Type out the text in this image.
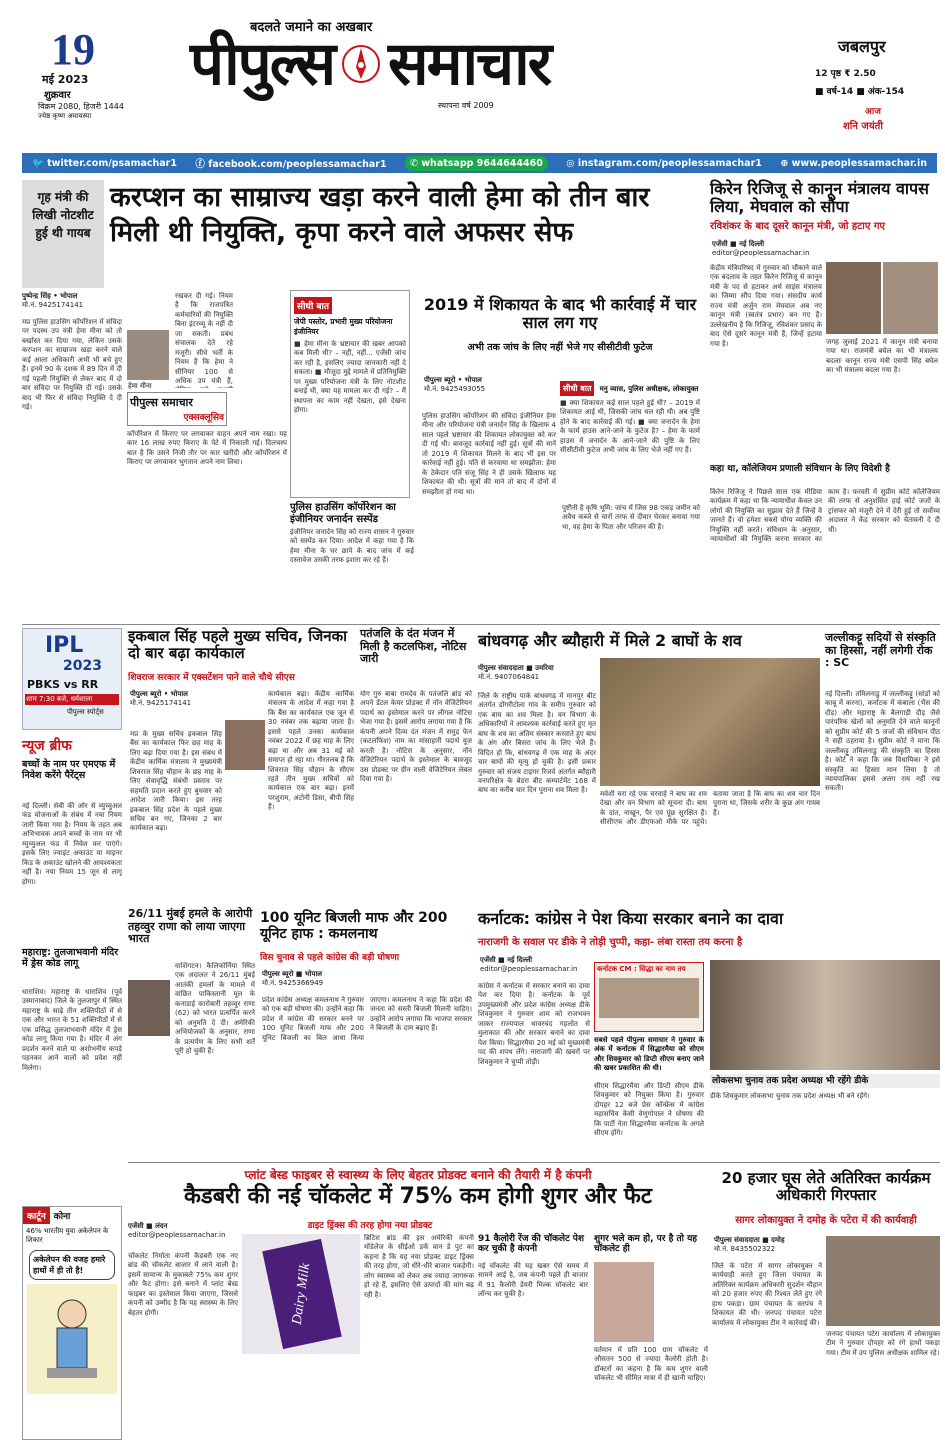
19
मई 2023
शुक्रवार
विक्रम 2080, हिजरी 1444
ज्येष्ठ कृष्ण अमावस्या
बदलते जमाने का अखबार
पीपुल्स समाचार
स्थापना वर्ष 2009
जबलपुर
12 पृष्ठ ₹ 2.50
■ वर्ष-14 ■ अंक-154
आज
शनि जयंती
🐦 twitter.com/psamachar1 ⓕ facebook.com/peoplessamachar1	✆ whatsapp 9644644460	◎ instagram.com/peoplessamachar1 ⊕ www.peoplessamachar.in
गृह मंत्री की लिखी नोटशीट हुई थी गायब
करप्शन का साम्राज्य खड़ा करने वाली हेमा को तीन बार मिली थी नियुक्ति, कृपा करने वाले अफसर सेफ
पुष्पेन्द्र सिंह • भोपाल
मो.नं. 9425174141
मप्र पुलिस हाउसिंग कॉर्पोरेशन में संविदा पर पदस्थ उप यंत्री हेमा मीना को तो बर्खास्त कर दिया गया, लेकिन उसके करप्शन का साम्राज्य खड़ा करने वाले कई आला अधिकारी अभी भी बचे हुए हैं। इनमें 90 के दशक में 89 दिन में दी गई पहली नियुक्ति से लेकर बाद में दो बार संविदा पर नियुक्ति दी गई। उसके बाद भी फिर से संविदा नियुक्ति दे दी गई।
हेमा मीना
पीपुल्स समाचार
एक्सक्लूसिव
रखकर दी गई। नियम है कि राजपत्रित कर्मचारियों की नियुक्ति बिना इंटरव्यू के नहीं दी जा सकती। प्रबंध संचालक देते रहे मंजूरी। सीधे भर्ती के नियम हैं कि हेमा ने सीनियर 100 से अधिक उप यंत्री हैं,
कॉर्पोरेशन में किराए पर लगवाकर वाहन अपने नाम रखा। यह कार 16 लाख रुपए किराए के पेटे में निकाली गई। दिलचस्प बात है कि उसने निजी तौर पर कार खरीदी और कॉर्पोरेशन में किराए पर लगवाकर भुगतान अपने नाम लिया।
सीधी बात
जेपी पस्तोर, प्रभारी मुख्य परियोजना इंजीनियर
■ हेमा मीना के भ्रष्टाचार की खबर आपको कब मिली थी? – नहीं, नहीं... एजेंसी जांच कर रही है, इसलिए ज्यादा जानकारी नहीं दे सकता। ■ मौजूदा मुद्दे मामले में प्रतिनियुक्ति पर मुख्य परियोजना यंत्री के लिए नोटशीट बनाई थी, क्या यह मामला कर दी गई? – मैं स्थापना का काम नहीं देखता, इसे देखना होगा।
पुलिस हाउसिंग कॉर्पोरेशन का इंजीनियर जनार्दन सस्पेंड
इंजीनियर जनार्दन सिंह को राज्य शासन ने गुरुवार को सस्पेंड कर दिया। आदेश में कहा गया है कि हेमा मीना के घर छापे के बाद जांच में कई दस्तावेज उसकी तरफ इशारा कर रहे हैं।
2019 में शिकायत के बाद भी कार्रवाई में चार साल लग गए
अभी तक जांच के लिए नहीं भेजे गए सीसीटीवी फुटेज
पीपुल्स ब्यूरो • भोपाल
मो.नं. 9425493055	सीधी बात मनु व्यास, पुलिस अधीक्षक, लोकायुक्त
■ क्या शिकायत कई साल पहले हुई थी? – 2019 में शिकायत आई थी, जिसकी जांच चल रही थी। अब पुष्टि होने के बाद कार्रवाई की गई। ■ क्या जनार्दन के हेमा के फार्म हाउस आने-जाने के फुटेज है? – हेमा के फार्म हाउस में जनार्दन के आने-जाने की पुष्टि के लिए सीसीटीवी फुटेज अभी जांच के लिए भेजे नहीं गए हैं।
पुलिस हाउसिंग कॉर्पोरेशन की संविदा इंजीनियर हेमा मीना और परियोजना यंत्री जनार्दन सिंह के खिलाफ 4 साल पहले भ्रष्टाचार की शिकायत लोकायुक्त को कर दी गई थी। बावजूद कार्रवाई नहीं हुई। सूत्रों की मानें तो 2019 में शिकायत मिलने के बाद भी इस पर कार्रवाई नहीं हुई। पति से करवाया था समझौता: हेमा के ठेकेदार पति संजू सिंह ने ही उसके खिलाफ यह शिकायत की थी। सूत्रों की माने तो बाद में दोनों में समझौता हो गया था।
पुष्टीनी है कृषि भूमि: जांच में जिस 98 एकड़ जमीन को अवैध कब्जे से चारों तरफ से दीवार घेरकर बनाया गया था, वह हेमा के पिता और परिजन की है।
किरेन रिजिजू से कानून मंत्रालय वापस लिया, मेघवाल को सौंपा
रविशंकर के बाद दूसरे कानून मंत्री, जो हटाए गए
एजेंसी ■ नई दिल्ली
editor@peoplessamachar.in
केंद्रीय मंत्रिपरिषद में गुरुवार को चौंकाने वाले एक बदलाव के तहत किरेन रिजिजू से कानून मंत्री के पद से हटाकर अर्थ साइंस मंत्रालय का जिम्मा सौंप दिया गया। संसदीय कार्य राज्य मंत्री अर्जुन राम मेघवाल अब नए कानून मंत्री (स्वतंत्र प्रभार) बन गए हैं। उल्लेखनीय है कि रिजिजू, रविशंकर प्रसाद के बाद ऐसे दूसरे कानून मंत्री हैं, जिन्हें हटाया गया है।	जगह जुलाई 2021 में कानून मंत्री बनाया गया था। राजमंत्री बघेल का भी मंत्रालय बदलाः कानून राज्य मंत्री एसपी सिंह बघेल का भी मंत्रालय बदला गया है।
कहा था, कॉलेजियम प्रणाली संविधान के लिए विदेशी है
किरेन रिजिजू ने पिछले साल एक मीडिया कार्यक्रम में कहा था कि न्यायाधीश केवल उन लोगों की नियुक्ति का सुझाव देते हैं जिन्हें वे जानते हैं। वो हमेशा सबसे योग्य व्यक्ति की नियुक्ति नहीं करते। संविधान के अनुसार, न्यायाधीशों की नियुक्ति करना सरकार का काम है। फरवरी में सुप्रीम कोर्ट कॉलेजियम की तरफ से अनुशंसित हाई कोर्ट जजों के ट्रांसफर को मंजूरी देने में देरी हुई तो सर्वोच्च अदालत ने केंद्र सरकार को चेतावनी दे दी थी।
IPL
2023
PBKS vs RR
शाम 7:30 बजे, धर्मशाला
पीपुल्स स्पोर्ट्स
न्यूज ब्रीफ
बच्चों के नाम पर एमएफ में निवेश करेंगे पैरेंट्स
नई दिल्ली। सेबी की ओर से म्युच्युअल फंड योजनाओं के संबंध में नया नियम जारी किया गया है। नियम के तहत अब अभिभावक अपने बच्चों के नाम पर भी म्युच्युअल फंड में निवेश कर पाएंगे। इसके लिए ज्वाइंट अकाउंट या माइनर किड के अकाउंट खोलने की आवश्यकता नहीं है। नया नियम 15 जून से लागू होगा।
महाराष्ट्र: तुलजाभवानी मंदिर में ड्रेस कोड लागू
धाराशिव। महाराष्ट्र के धाराशिव (पूर्व उस्मानाबाद) जिले के तुलजापुर में स्थित महाराष्ट्र के साढ़े तीन शक्तिपीठों में से एक और भारत के 51 शक्तिपीठों में से एक प्रसिद्ध तुलजाभवानी मंदिर में ड्रेस कोड लागू किया गया है। मंदिर में अंग प्रदर्शन करने वाले या अशोभनीय कपड़े पहनकर आने वालों को प्रवेश नहीं मिलेगा।
इकबाल सिंह पहले मुख्य सचिव, जिनका दो बार बढ़ा कार्यकाल
शिवराज सरकार में एक्सटेंशन पाने वाले चौथे सीएस
पीपुल्स ब्यूरो • भोपाल
मो.नं. 9425174141
मप्र के मुख्य सचिव इकबाल सिंह बैंस का कार्यकाल फिर छह माह के लिए बढ़ा दिया गया है। इस संबंध में केंद्रीय कार्मिक मंत्रालय ने मुख्यमंत्री शिवराज सिंह चौहान के छह माह के लिए सेवावृद्धि संबंधी प्रस्ताव पर सहमति प्रदान करते हुए बुधवार को आदेश जारी किया। इस तरह इकबाल सिंह प्रदेश के पहले मुख्य सचिव बन गए, जिनका 2 बार कार्यकाल बढ़ा।
कार्यकाल बढ़ा। केंद्रीय कार्मिक मंत्रालय के आदेश में कहा गया है कि बैंस का कार्यकाल एक जून से 30 नवंबर तक बढ़ाया जाता है। इससे पहले उनका कार्यकाल नवंबर 2022 में छह माह के लिए बढ़ा था और अब 31 मई को समाप्त हो रहा था। गौरतलब है कि शिवराज सिंह चौहान के सीएम रहते तीन मुख्य सचिवों को कार्यकाल एक बार बढ़ा। इनमें परशुराम, अंटोनी डिसा, बीपी सिंह हैं।
पतंजलि के दंत मंजन में मिली है कटलफिश, नोटिस जारी
योग गुरु बाबा रामदेव के पतंजलि ब्रांड को अपने डेंटल केयर प्रोडक्ट में नॉन वेजिटेरियन पदार्थ का इस्तेमाल करने पर लीगल नोटिस भेजा गया है। इसमें आरोप लगाया गया है कि कंपनी अपने दिव्य दंत मंजन में समुद्र फेन (कटलफिश) नाम का मांसाहारी पदार्थ यूज करती है। नोटिस के अनुसार, नॉन वेजिटेरियन पदार्थ के इस्तेमाल के बावजूद उस प्रोडक्ट पर ग्रीन वाली वेजिटेरियन लेबल दिया गया है।
बांधवगढ़ और ब्यौहारी में मिले 2 बाघों के शव
पीपुल्स संवाददाता ■ उमरिया
मो.नं. 9407064841
जिले के राष्ट्रीय पार्क बांधवगढ़ में मानपुर बीट अंतर्गत डोंगरीटोला गांव के समीप गुरुवार को एक बाघ का शव मिला है। वन विभाग के अधिकारियों ने आवश्यक कार्रवाई करते हुए मृत बाघ के शव का अंतिम संस्कार करवाते हुए बाघ के अंग और बिसरा जांच के लिए भेजे हैं। विदित हो कि, बांधवगढ़ में एक माह के अंदर चार बाघों की मृत्यु हो चुकी है। इसी प्रकार गुरुवार को संजय टाइगर रिजर्व अंतर्गत ब्यौहारी वनपरिक्षेत्र के बेडरा बीट कम्पार्टमेंट 168 में बाघ का करीब चार दिन पुराना शव मिला है।	मवेशी चरा रहे एक चरवाहे ने बाघ का शव देखा और वन विभाग को सूचना दी। बाघ के दांत, नाखून, पैर एवं पूंछ सुरक्षित हैं। सीसीएफ और डीएफओ मौके पर पहुंचे। बताया जाता है कि बाघ का शव चार दिन पुराना था, जिसके शरीर के कुछ अंग गायब हैं।
जल्लीकट्टू सदियों से संस्कृति का हिस्सा, नहीं लगेगी रोक : SC
नई दिल्ली। तमिलनाडु में जल्लीकट्टू (सांडों को काबू में करना), कर्नाटक में कंबाला (भैंस की दौड़) और महाराष्ट्र के बैलगाड़ी दौड़ जैसे पारंपरिक खेलों को अनुमति देने वाले कानूनों को सुप्रीम कोर्ट की 5 जजों की संविधान पीठ ने सही ठहराया है। सुप्रीम कोर्ट ने माना कि जल्लीकट्टू तमिलनाडु की संस्कृति का हिस्सा है। कोर्ट ने कहा कि जब विधायिका ने इसे संस्कृति का हिस्सा मान लिया है तो न्यायपालिका इससे अलग राय नहीं रख सकती।
26/11 मुंबई हमले के आरोपी तहव्वुर राणा को लाया जाएगा भारत
वाशिंगटन। कैलिफोर्निया स्थित एक अदालत ने 26/11 मुंबई आतंकी हमलों के मामले में वांछित पाकिस्तानी मूल के कनाडाई कारोबारी तहव्वुर राणा (62) को भारत प्रत्यर्पित करने को अनुमति दे दी। अमेरिकी अभियोजकों के अनुसार, राणा के प्रत्यर्पण के लिए सभी शर्तें पूरी हो चुकी हैं।
100 यूनिट बिजली माफ और 200 यूनिट हाफ : कमलनाथ
विस चुनाव से पहले कांग्रेस की बड़ी घोषणा
पीपुल्स ब्यूरो ■ भोपाल
मो.नं. 9425366949
प्रदेश कांग्रेस अध्यक्ष कमलनाथ ने गुरुवार को एक बड़ी घोषणा की। उन्होंने कहा कि प्रदेश में कांग्रेस की सरकार बनने पर 100 यूनिट बिजली माफ और 200 यूनिट बिजली का बिल आधा किया जाएगा। कमलनाथ ने कहा कि प्रदेश की जनता को सस्ती बिजली मिलनी चाहिए। उन्होंने आरोप लगाया कि भाजपा सरकार ने बिजली के दाम बढ़ाए हैं।
कर्नाटक: कांग्रेस ने पेश किया सरकार बनाने का दावा
नाराजगी के सवाल पर डीके ने तोड़ी चुप्पी, कहा- लंबा रास्ता तय करना है
एजेंसी ■ नई दिल्ली
editor@peoplessamachar.in
कांग्रेस ने कर्नाटक में सरकार बनाने का दावा पेश कर दिया है। कर्नाटक के पूर्व उपमुख्यमंत्री और प्रदेश कांग्रेस अध्यक्ष डीके शिवकुमार ने गुरुवार शाम को राजभवन जाकर राज्यपाल थावरचंद गहलोत से मुलाकात की और सरकार बनाने का दावा पेश किया। सिद्धारमैया 20 मई को मुख्यमंत्री पद की शपथ लेंगे। नाराजगी की खबरों पर शिवकुमार ने चुप्पी तोड़ी।
कर्नाटक CM : सिद्धा का नाम तय
सबसे पहले पीपुल्स समाचार ने गुरुवार के अंक में कर्नाटक में सिद्धारमैया को सीएम और शिवकुमार को डिप्टी सीएम बनाए जाने की खबर प्रकाशित की थी।
सीएम सिद्धारमैया और डिप्टी सीएम डीके शिवकुमार को नियुक्त किया है। गुरुवार दोपहर 12 बजे प्रेस कॉन्फ्रेंस में कांग्रेस महासचिव केसी वेणुगोपाल ने घोषणा की कि पार्टी नेता सिद्धारमैया कर्नाटक के अगले सीएम होंगे।
लोकसभा चुनाव तक प्रदेश अध्यक्ष भी रहेंगे डीके
डीके शिवकुमार लोकसभा चुनाव तक प्रदेश अध्यक्ष भी बने रहेंगे।
प्लांट बेस्ड फाइबर से स्वास्थ्य के लिए बेहतर प्रोडक्ट बनाने की तैयारी में है कंपनी
कैडबरी की नई चॉकलेट में 75% कम होगी शुगर और फैट
डाइट ड्रिंक्स की तरह होगा नया प्रोडक्ट
एजेंसी ■ लंदन
editor@peoplessamachar.in
चॉकलेट निर्माता कंपनी कैडबरी एक नए ब्रांड की चॉकलेट बाजार में लाने वाली है। इसमें सामान्य के मुकाबले 75% कम शुगर और फैट होगा। इसे बनाने में प्लांट बेस्ड फाइबर का इस्तेमाल किया जाएगा, जिससे कंपनी को उम्मीद है कि यह स्वास्थ्य के लिए बेहतर होगी।	Dairy Milk
ब्रिटिश ब्रांड की इस अमेरिकी कंपनी मोंडेलेज के सीईओ डर्क वान डे पुट का कहना है कि यह नया प्रोडक्ट डाइट ड्रिंक्स की तरह होगा, जो धीरे-धीरे बाजार पकड़ेगी। लोग स्वास्थ्य को लेकर अब ज्यादा जागरूक हो रहे हैं, इसलिए ऐसे उत्पादों की मांग बढ़ रही है।
91 कैलोरी रेंज की चॉकलेट पेश कर चुकी है कंपनी
नई चॉकलेट की यह खबर ऐसे समय में सामने आई है, जब कंपनी पहले ही बाजार में 91 कैलोरी डेयरी मिल्क चॉकलेट बार लॉन्च कर चुकी है।
शुगर भले कम हो, पर है तो यह चॉकलेट ही
वर्तमान में प्रति 100 ग्राम चॉकलेट में औसतन 500 से ज्यादा कैलोरी होती है। डॉक्टरों का कहना है कि कम शुगर वाली चॉकलेट भी सीमित मात्रा में ही खानी चाहिए।
कार्टून कोना
46% भारतीय युवा अकेलेपन के शिकार
अकेलेपन की वजह हमारे हाथों में ही तो है!
20 हजार घूस लेते अतिरिक्त कार्यक्रम अधिकारी गिरफ्तार
सागर लोकायुक्त ने दमोह के पटेरा में की कार्यवाही
पीपुल्स संवाददाता ■ दमोह
मो.नं. 8435502322
जिले के पटेरा में सागर लोकायुक्त ने कार्यवाही करते हुए जिला पंचायत के अतिरिक्त कार्यक्रम अधिकारी सुदर्शन चौहान को 20 हजार रुपए की रिश्वत लेते हुए रंगे हाथ पकड़ा। ग्राम पंचायत के सरपंच ने शिकायत की थी। जनपद पंचायत पटेरा कार्यालय में लोकायुक्त टीम ने कार्रवाई की।
जनपद पंचायत पटेरा कार्यालय में लोकायुक्त टीम ने गुरुवार दोपहर को रंगे हाथों पकड़ा गया। टीम में उप पुलिस अधीक्षक शामिल रहे।
